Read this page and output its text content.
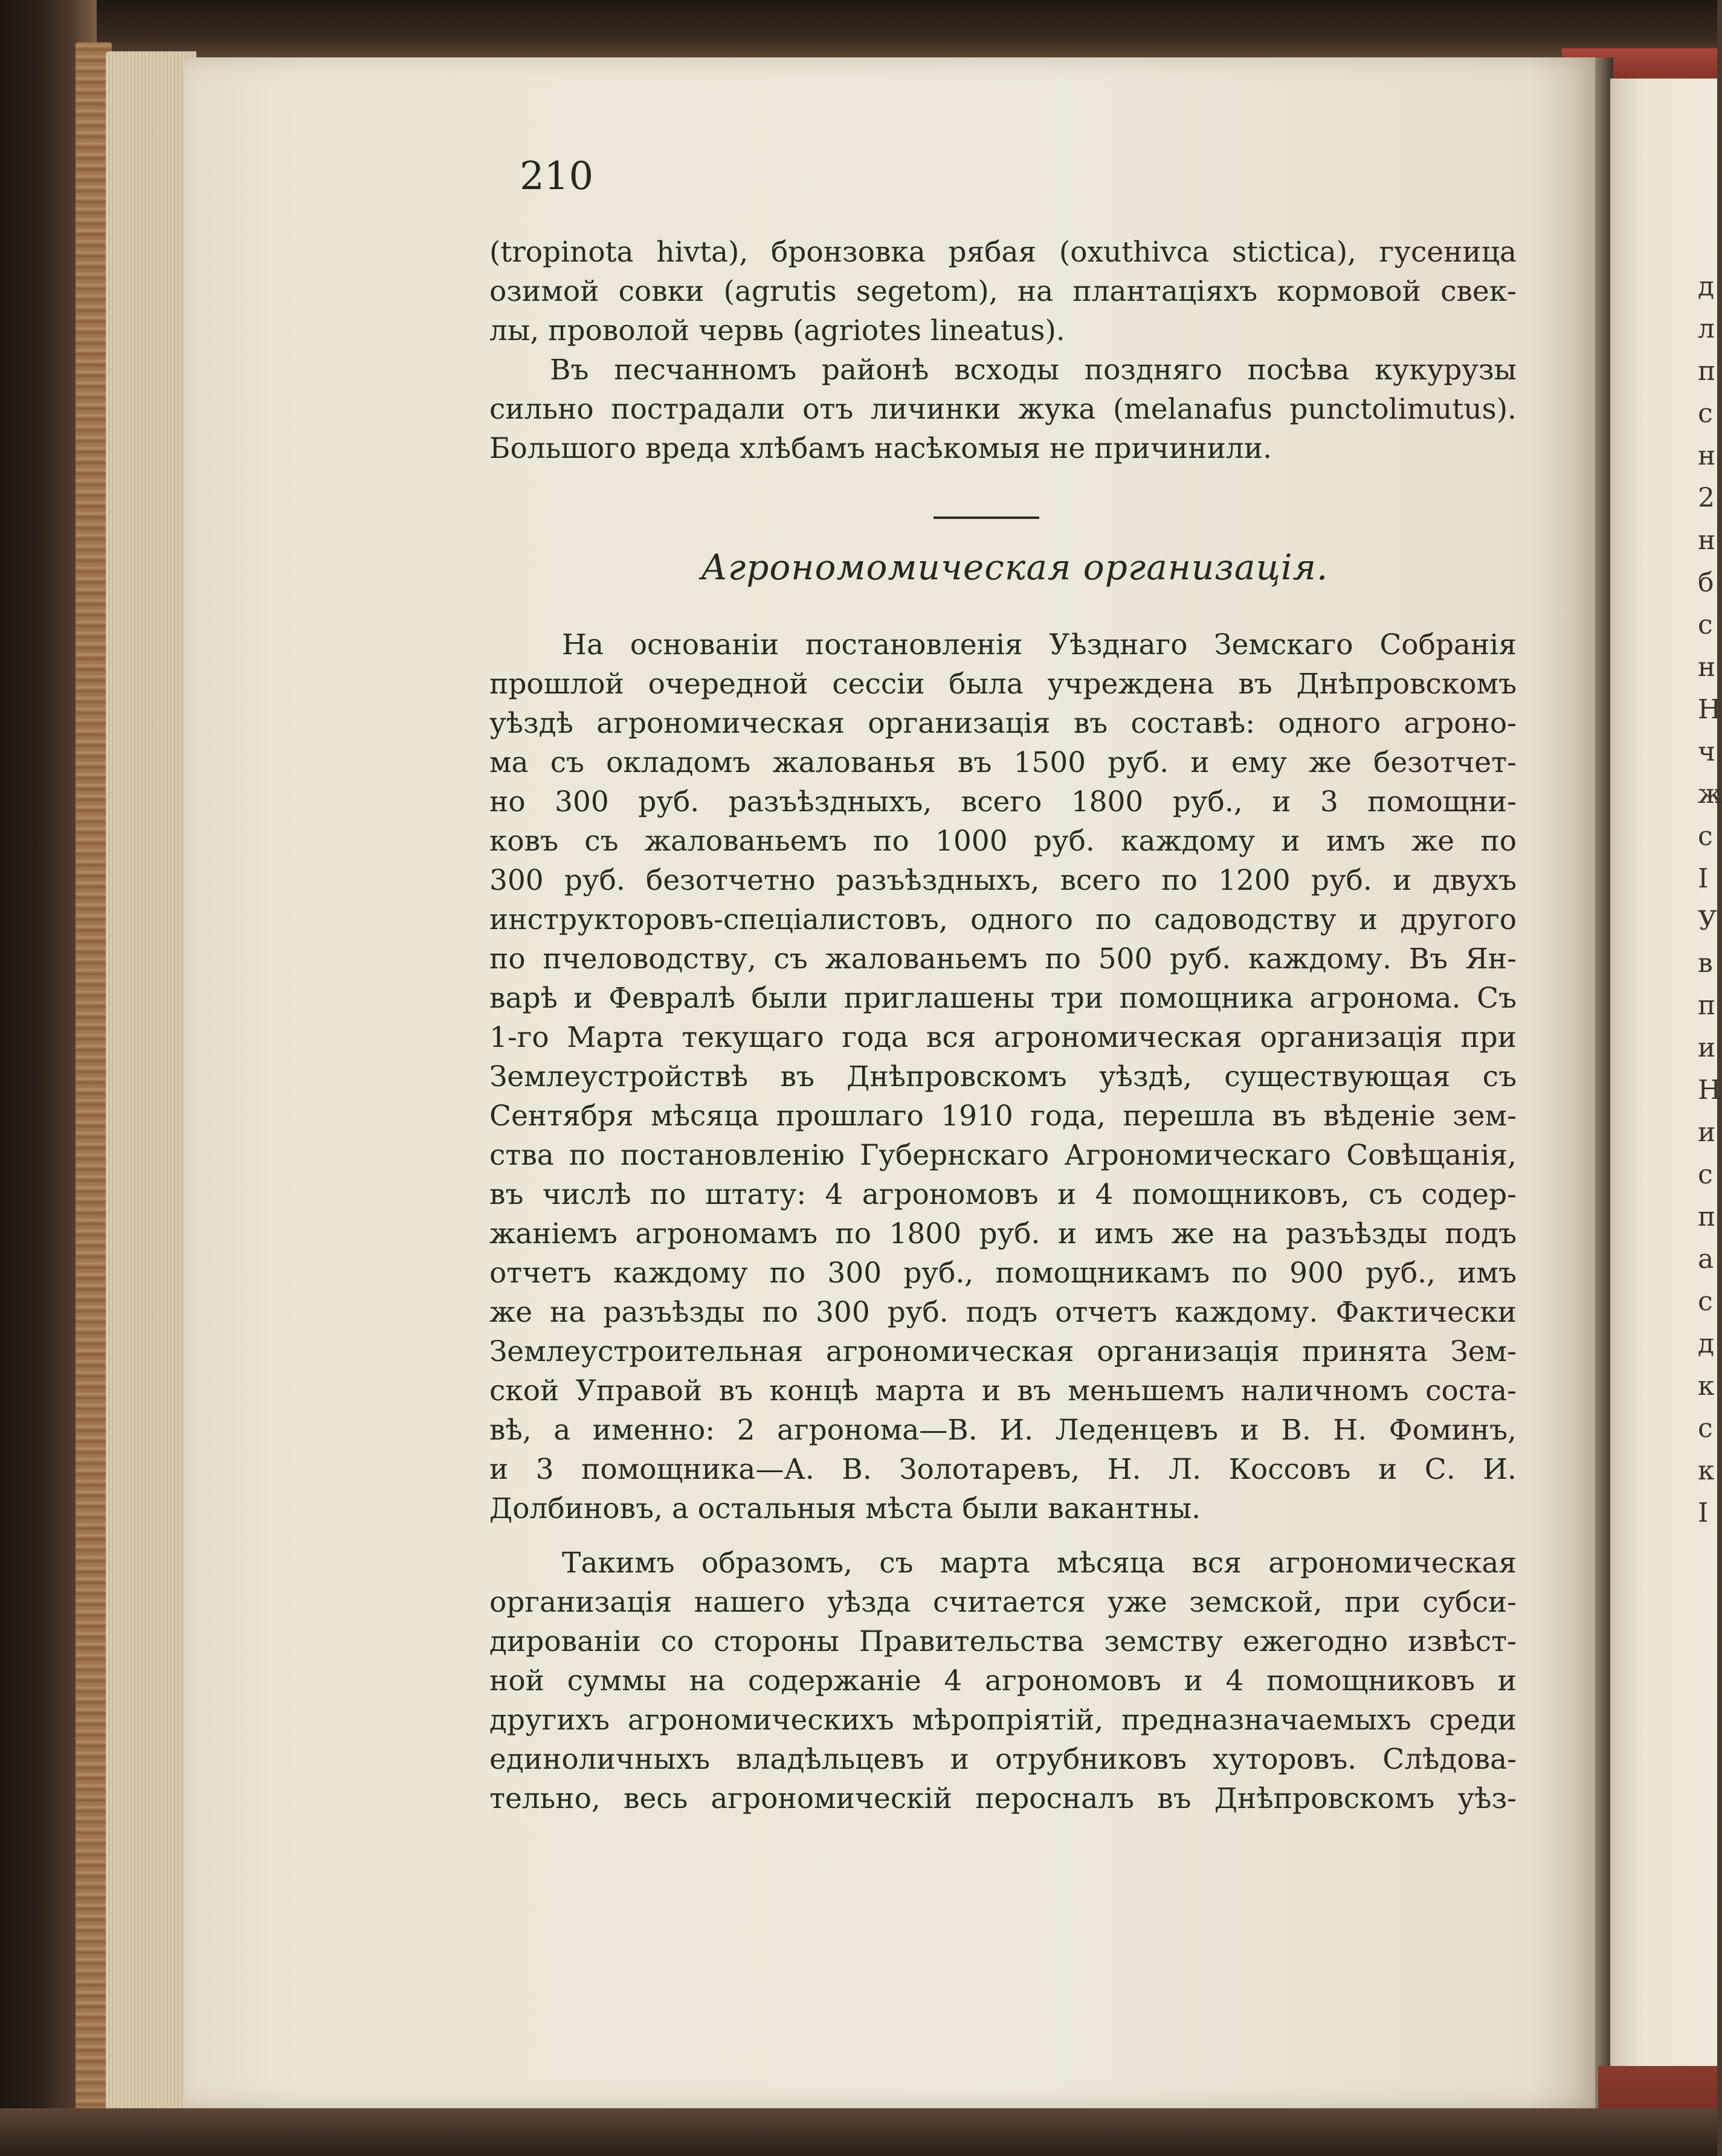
210

(tropinota hivta), бронзовка рябая (oxuthivca stictica), гусеница
озимой совки (agrutis segetom), на плантацiяхъ кормовой свек-
лы, проволой червь (agriotes lineatus).

Въ песчанномъ районѣ всходы поздняго посѣва кукурузы
сильно пострадали отъ личинки жука (melanafus punctolimutus).
Большого вреда хлѣбамъ насѣкомыя не причинили.

Агрономомическая организацiя.

На основанiи постановленiя Уѣзднаго Земскаго Собранiя
прошлой очередной сессiи была учреждена въ Днѣпровскомъ
уѣздѣ агрономическая организацiя въ составѣ: одного агроно-
ма съ окладомъ жалованья въ 1500 руб. и ему же безотчет-
но 300 руб. разъѣздныхъ, всего 1800 руб., и 3 помощни-
ковъ съ жалованьемъ по 1000 руб. каждому и имъ же по
300 руб. безотчетно разъѣздныхъ, всего по 1200 руб. и двухъ
инструкторовъ-спецiалистовъ, одного по садоводству и другого
по пчеловодству, съ жалованьемъ по 500 руб. каждому. Въ Ян-
варѣ и Февралѣ были приглашены три помощника агронома. Съ
1-го Марта текущаго года вся агрономическая организацiя при
Землеустройствѣ въ Днѣпровскомъ уѣздѣ, существующая съ
Сентября мѣсяца прошлаго 1910 года, перешла въ вѣденiе зем-
ства по постановленiю Губернскаго Агрономическаго Совѣщанiя,
въ числѣ по штату: 4 агрономовъ и 4 помощниковъ, съ содер-
жанiемъ агрономамъ по 1800 руб. и имъ же на разъѣзды подъ
отчетъ каждому по 300 руб., помощникамъ по 900 руб., имъ
же на разъѣзды по 300 руб. подъ отчетъ каждому. Фактически
Землеустроительная агрономическая организацiя принята Зем-
ской Управой въ концѣ марта и въ меньшемъ наличномъ соста-
вѣ, а именно: 2 агронома—В. И. Леденцевъ и В. Н. Фоминъ,
и 3 помощника—А. В. Золотаревъ, Н. Л. Коссовъ и С. И.
Долбиновъ, а остальныя мѣста были вакантны.

Такимъ образомъ, съ марта мѣсяца вся агрономическая
организацiя нашего уѣзда считается уже земской, при субси-
дированiи со стороны Правительства земству ежегодно извѣст-
ной суммы на содержанiе 4 агрономовъ и 4 помощниковъ и
другихъ агрономическихъ мѣропрiятiй, предназначаемыхъ среди
единоличныхъ владѣльцевъ и отрубниковъ хуторовъ. Слѣдова-
тельно, весь агрономическiй перосналъ въ Днѣпровскомъ уѣз-

д
л
п
с
н
2
н
б
с
н
Н
ч
ж
с
I
У
в
п
и
Н
и
с
п
а
с
д
к
с
к
I
